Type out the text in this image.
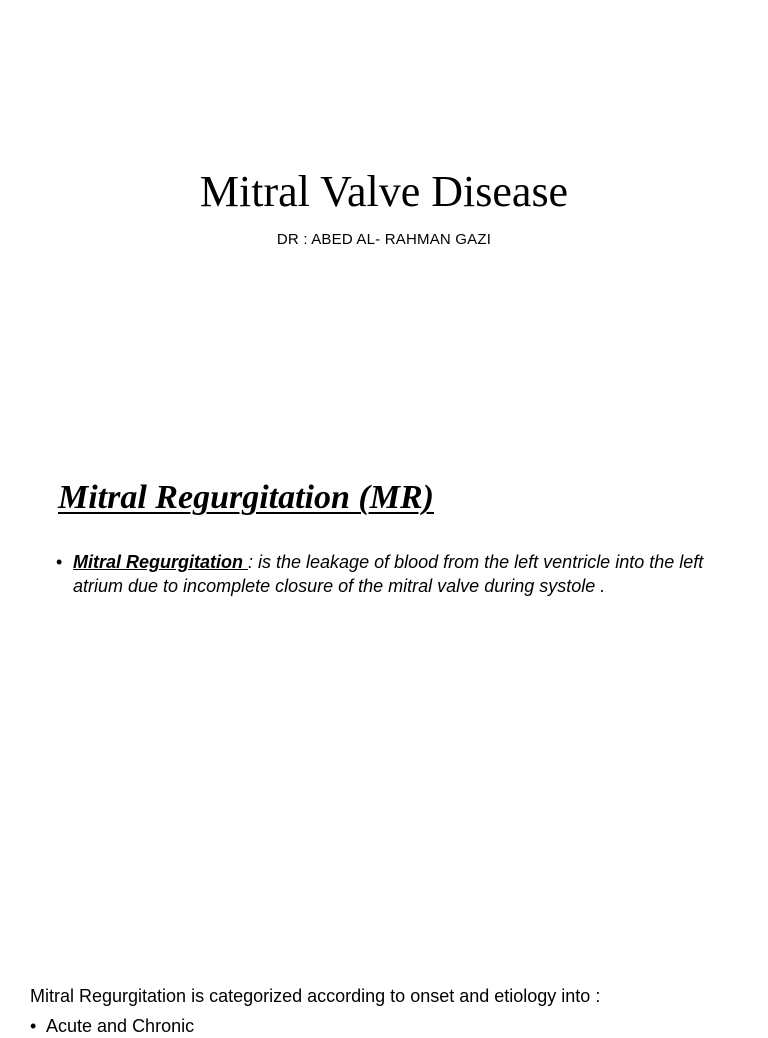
Mitral Valve Disease
DR : ABED AL- RAHMAN GAZI
Mitral Regurgitation (MR)
• Mitral Regurgitation : is the leakage of blood from the left ventricle into the left atrium due to incomplete closure of the mitral valve during systole .
Mitral Regurgitation is categorized according to onset and etiology into :
• Acute and Chronic
